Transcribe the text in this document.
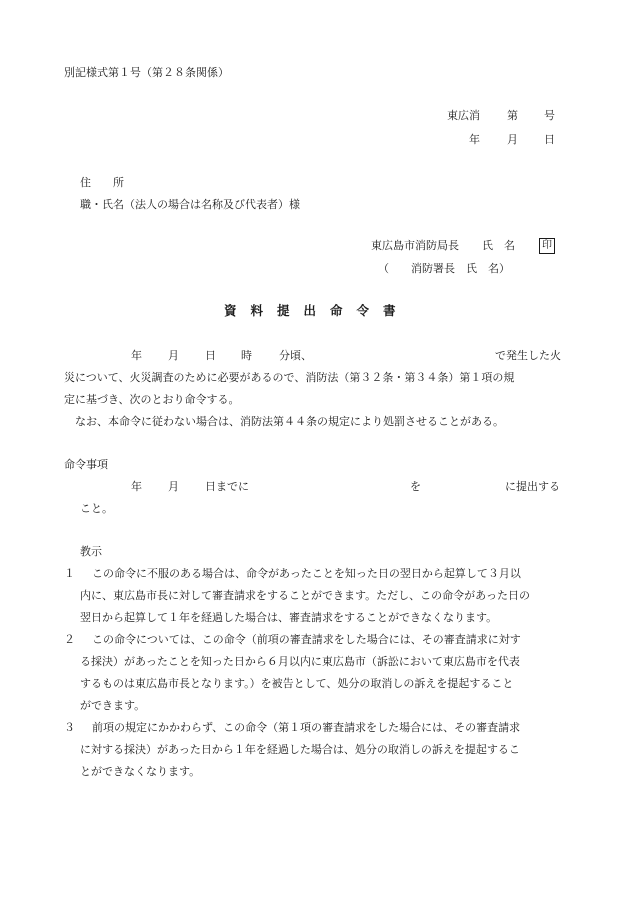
別記様式第１号（第２８条関係）
東広消 第 号
年 月 日
住　　所
職・氏名（法人の場合は名称及び代表者）様
東広島市消防局長 氏　名	印
（　　消防署長　氏　名）
資料提出命令書
年 月 日 時 分頃、	で発生した火
災について、火災調査のために必要があるので、消防法（第３２条・第３４条）第１項の規
定に基づき、次のとおり命令する。
　なお、本命令に従わない場合は、消防法第４４条の規定により処罰させることがある。
命令事項
年 月 日までに	を	に提出する
こと。
教示
１ この命令に不服のある場合は、命令があったことを知った日の翌日から起算して３月以
内に、東広島市長に対して審査請求をすることができます。ただし、この命令があった日の
翌日から起算して１年を経過した場合は、審査請求をすることができなくなります。
２ この命令については、この命令（前項の審査請求をした場合には、その審査請求に対す
る採決）があったことを知った日から６月以内に東広島市（訴訟において東広島市を代表
するものは東広島市長となります。）を被告として、処分の取消しの訴えを提起すること
ができます。
３ 前項の規定にかかわらず、この命令（第１項の審査請求をした場合には、その審査請求
に対する採決）があった日から１年を経過した場合は、処分の取消しの訴えを提起するこ
とができなくなります。
